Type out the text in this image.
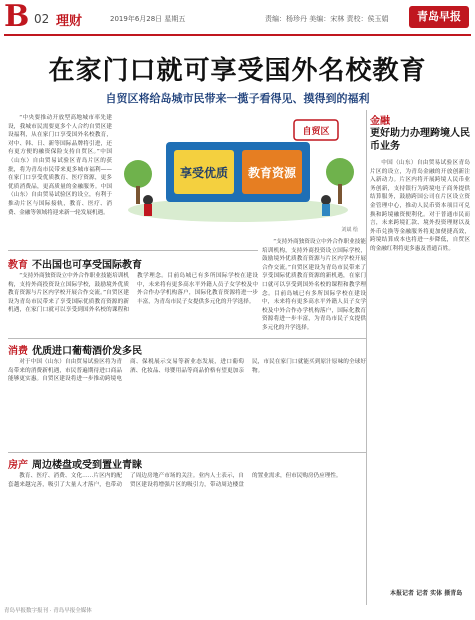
B 02 理财	2019年6月28日 星期五	责编：杨珍丹 美编：宋林 责校：侯玉娟	青岛早报
在家门口就可享受国外名校教育
自贸区将给岛城市民带来一揽子看得见、摸得到的福利

“中央要推动开放型高地城市率先建设，我城市民需要更多个人合约自贸区建设福利，从在家门口享受国外名校教育，对中、韩、日、新等国际品牌将引进，还有更方便的融资保险支持自贸区。”中国（山东）自由贸易试验区青岛片区的获批，将为青岛市民带来更多城市福利——在家门口享受优质教育、医疗资源，更多优质消费品，更高质量的金融服务。中国（山东）自由贸易试验区的设立，有利于推动片区与国际接轨，教育、医疗、消费、金融等领域将迎来新一轮发展机遇。

享受优质 教育资源
自贸区
刘斌 绘

“支持外商独资设立中外合作职业技能培训机构，支持外商投资设立国际学校，鼓励境外优质教育资源与片区内学校开展合作交流。”自贸区建设为青岛市民带来了享受国际优质教育资源的新机遇，在家门口就可以享受到国外名校的课程和教学理念。目前岛城已有多所国际学校在建设中，未来将有更多高水平外籍人员子女学校及中外合作办学机构落户，国际化教育资源将进一步丰富，为青岛市民子女提供多元化的升学选择。

教育 不出国也可享受国际教育

“支持外商独资设立中外合作职业技能培训机构，支持外商投资设立国际学校，鼓励境外优质教育资源与片区内学校开展合作交流。”自贸区建设为青岛市民带来了享受国际优质教育资源的新机遇，在家门口就可以享受到国外名校的课程和教学理念。目前岛城已有多所国际学校在建设中，未来将有更多高水平外籍人员子女学校及中外合作办学机构落户，国际化教育资源将进一步丰富，为青岛市民子女提供多元化的升学选择。

消费 优质进口葡萄酒价发多民

对于中国（山东）自由贸易试验区将为青岛带来的消费新机遇，市民普遍期待进口商品能够更实惠。自贸区建设将进一步推动跨境电商、保税展示交易等新业态发展，进口葡萄酒、化妆品、母婴用品等商品价格有望更加亲民，市民在家门口就能买到原汁原味的全球好物。

房产 周边楼盘或受到置业青睐

教育、医疗、消费、文化……片区内的配套越来越完善，吸引了大量人才落户，也带动了周边房地产市场的关注。业内人士表示，自贸区建设将增强片区的吸引力，带动周边楼盘的置业需求，但市民购房仍应理性。

金融
更好助力办理跨境人民币业务

中国（山东）自由贸易试验区青岛片区的设立，为青岛金融的开放创新注入新动力。片区内将开展跨境人民币业务创新，支持银行为跨境电子商务提供结算服务，鼓励跨国公司在片区设立资金管理中心，推动人民币资本项目可兑换和跨境融资便利化。对于普通市民而言，未来跨境汇款、境外投资理财以及外币兑换等金融服务将更加便捷高效，跨境结算成本也将进一步降低，自贸区的金融红利将更多惠及普通百姓。

本报记者 记者 实体 摄青岛
青岛早报数字报刊 · 青岛早报全媒体
